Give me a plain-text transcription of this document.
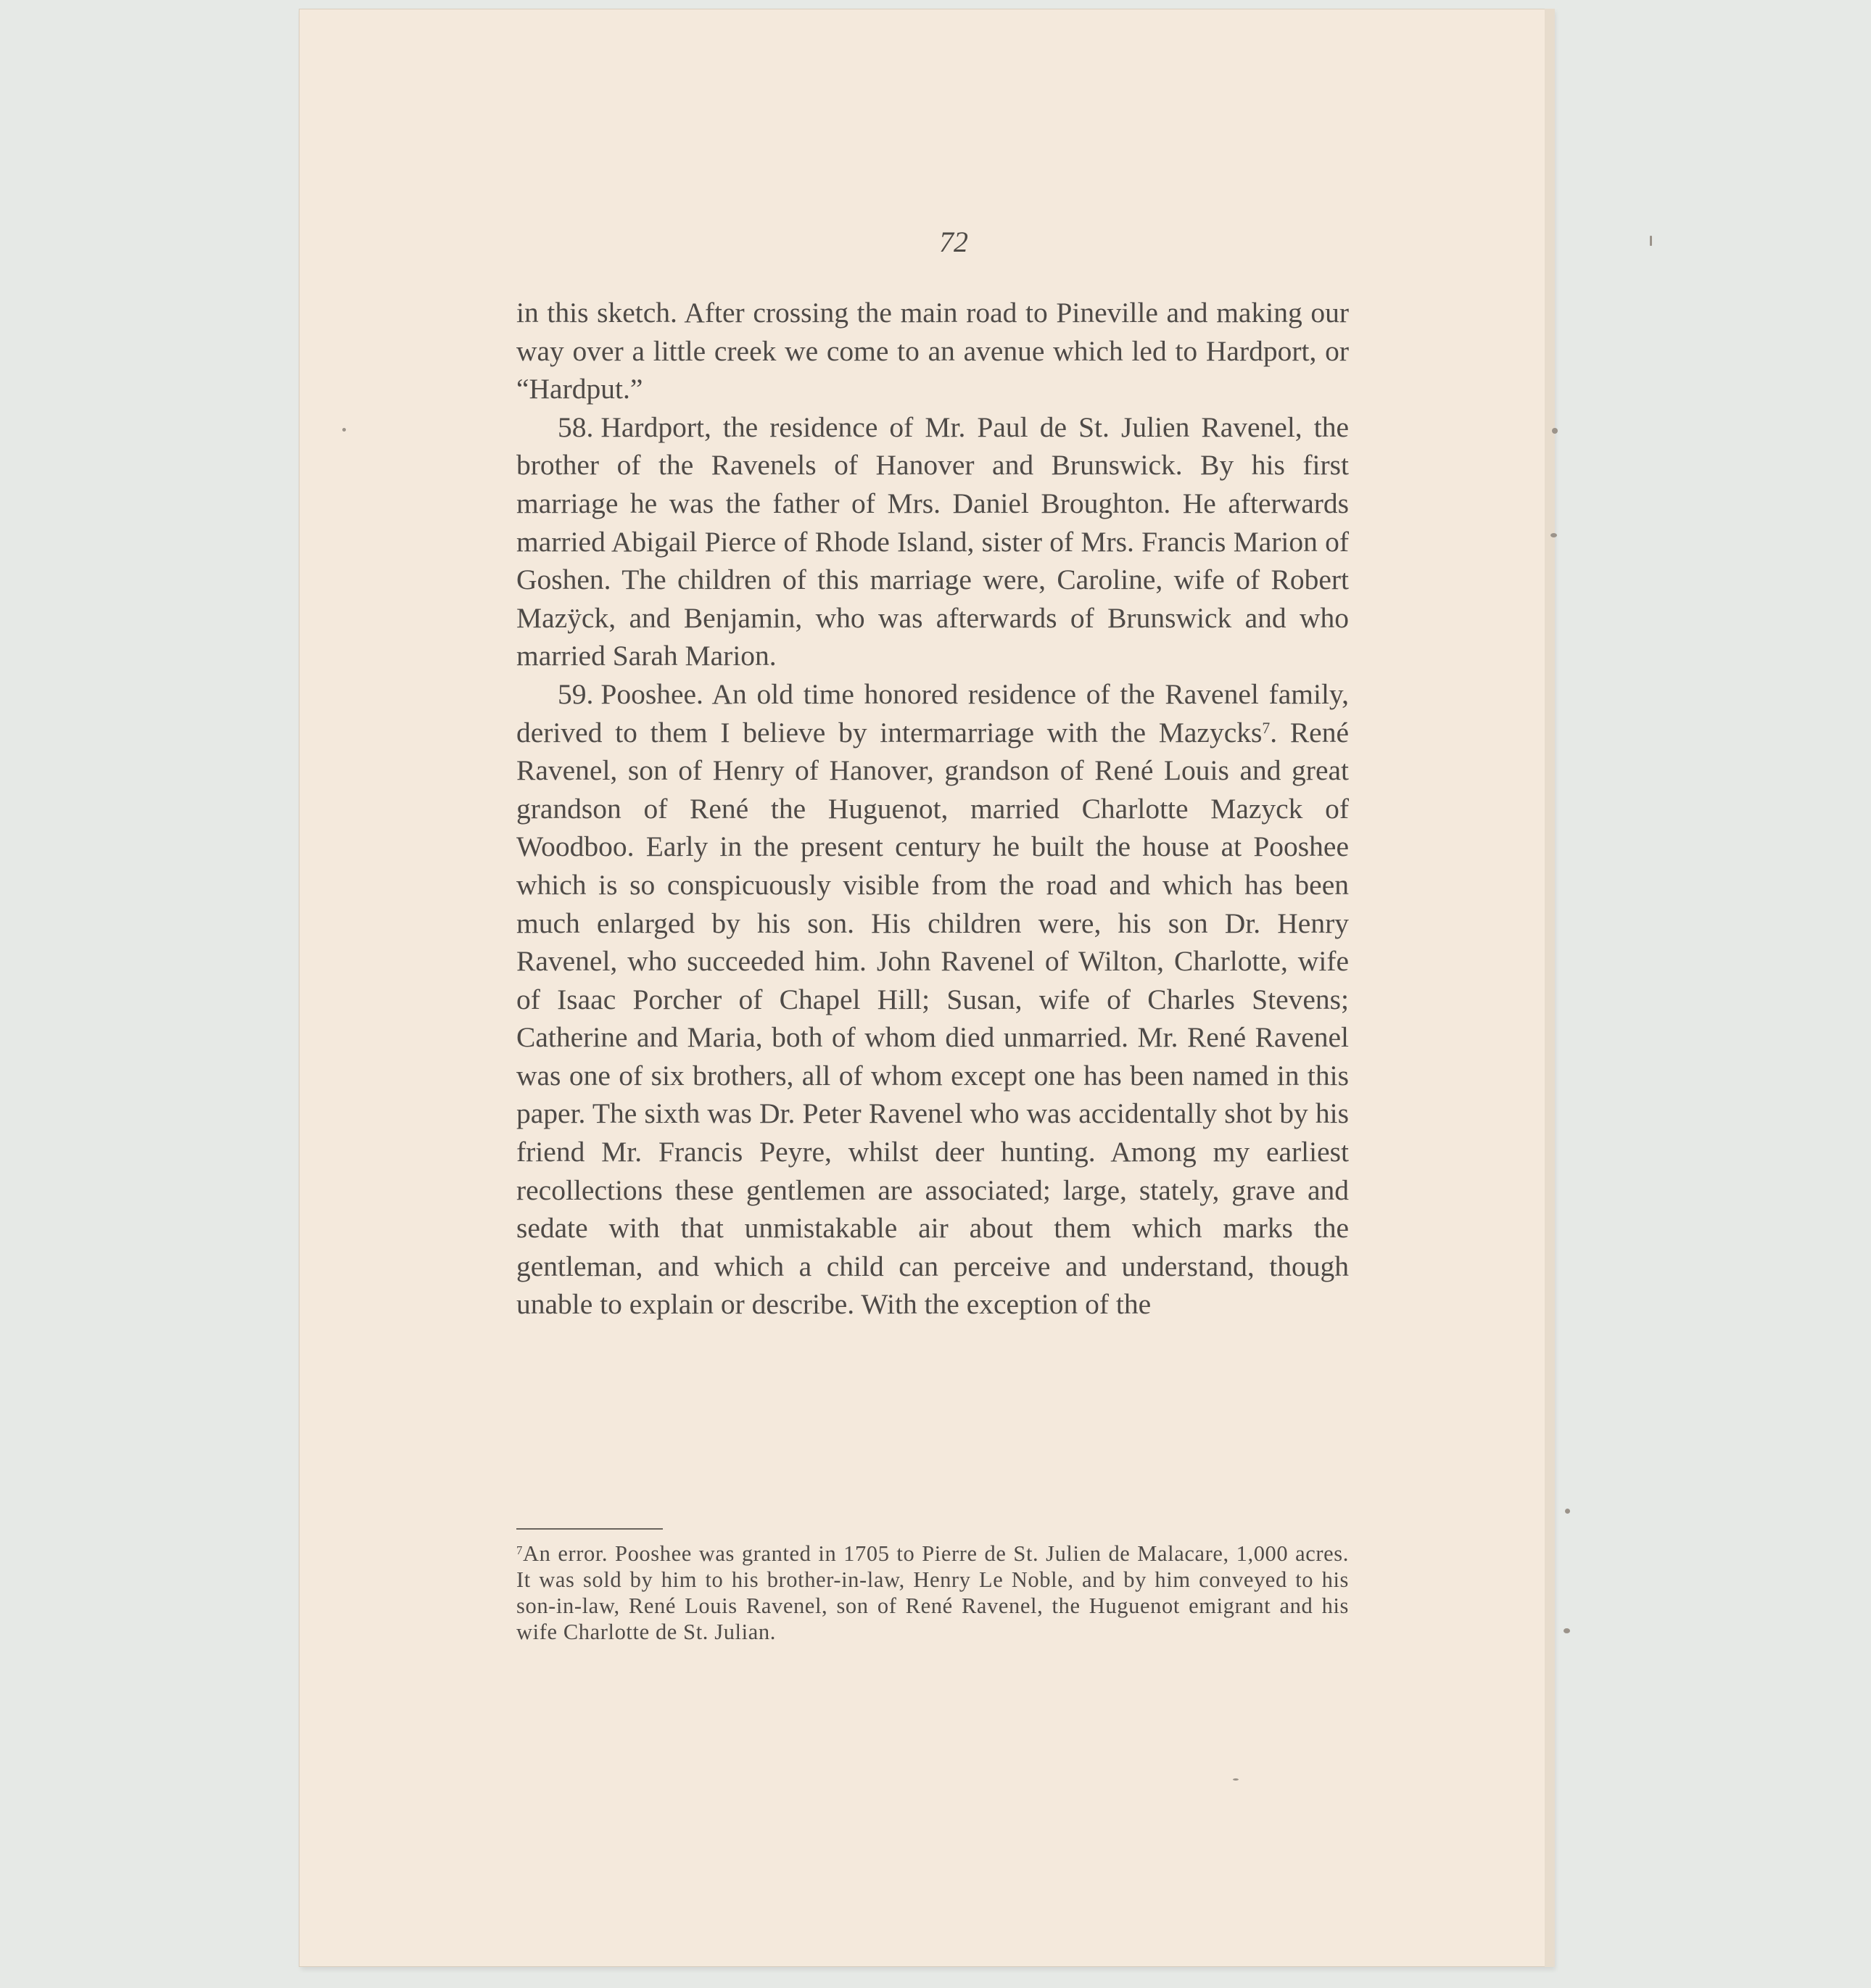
72

in this sketch. After crossing the main road to Pineville and making our way over a little creek we come to an avenue which led to Hardport, or “Hardput.”

58. Hardport, the residence of Mr. Paul de St. Julien Ravenel, the brother of the Ravenels of Hanover and Brunswick. By his first marriage he was the father of Mrs. Daniel Broughton. He afterwards married Abigail Pierce of Rhode Island, sister of Mrs. Francis Marion of Goshen. The children of this marriage were, Caroline, wife of Robert Mazÿck, and Benjamin, who was afterwards of Brunswick and who married Sarah Marion.

59. Pooshee. An old time honored residence of the Ravenel family, derived to them I believe by intermarriage with the Mazycks$^7$. René Ravenel, son of Henry of Hanover, grandson of René Louis and great grandson of René the Huguenot, married Charlotte Mazyck of Woodboo. Early in the present century he built the house at Pooshee which is so conspicuously visible from the road and which has been much enlarged by his son. His children were, his son Dr. Henry Ravenel, who succeeded him. John Ravenel of Wilton, Charlotte, wife of Isaac Porcher of Chapel Hill; Susan, wife of Charles Stevens; Catherine and Maria, both of whom died unmarried. Mr. René Ravenel was one of six brothers, all of whom except one has been named in this paper. The sixth was Dr. Peter Ravenel who was accidentally shot by his friend Mr. Francis Peyre, whilst deer hunting. Among my earliest recollections these gentlemen are associated; large, stately, grave and sedate with that unmistakable air about them which marks the gentleman, and which a child can perceive and understand, though unable to explain or describe. With the exception of the

$^7$An error. Pooshee was granted in 1705 to Pierre de St. Julien de Malacare, 1,000 acres. It was sold by him to his brother-in-law, Henry Le Noble, and by him conveyed to his son-in-law, René Louis Ravenel, son of René Ravenel, the Huguenot emigrant and his wife Charlotte de St. Julian.
